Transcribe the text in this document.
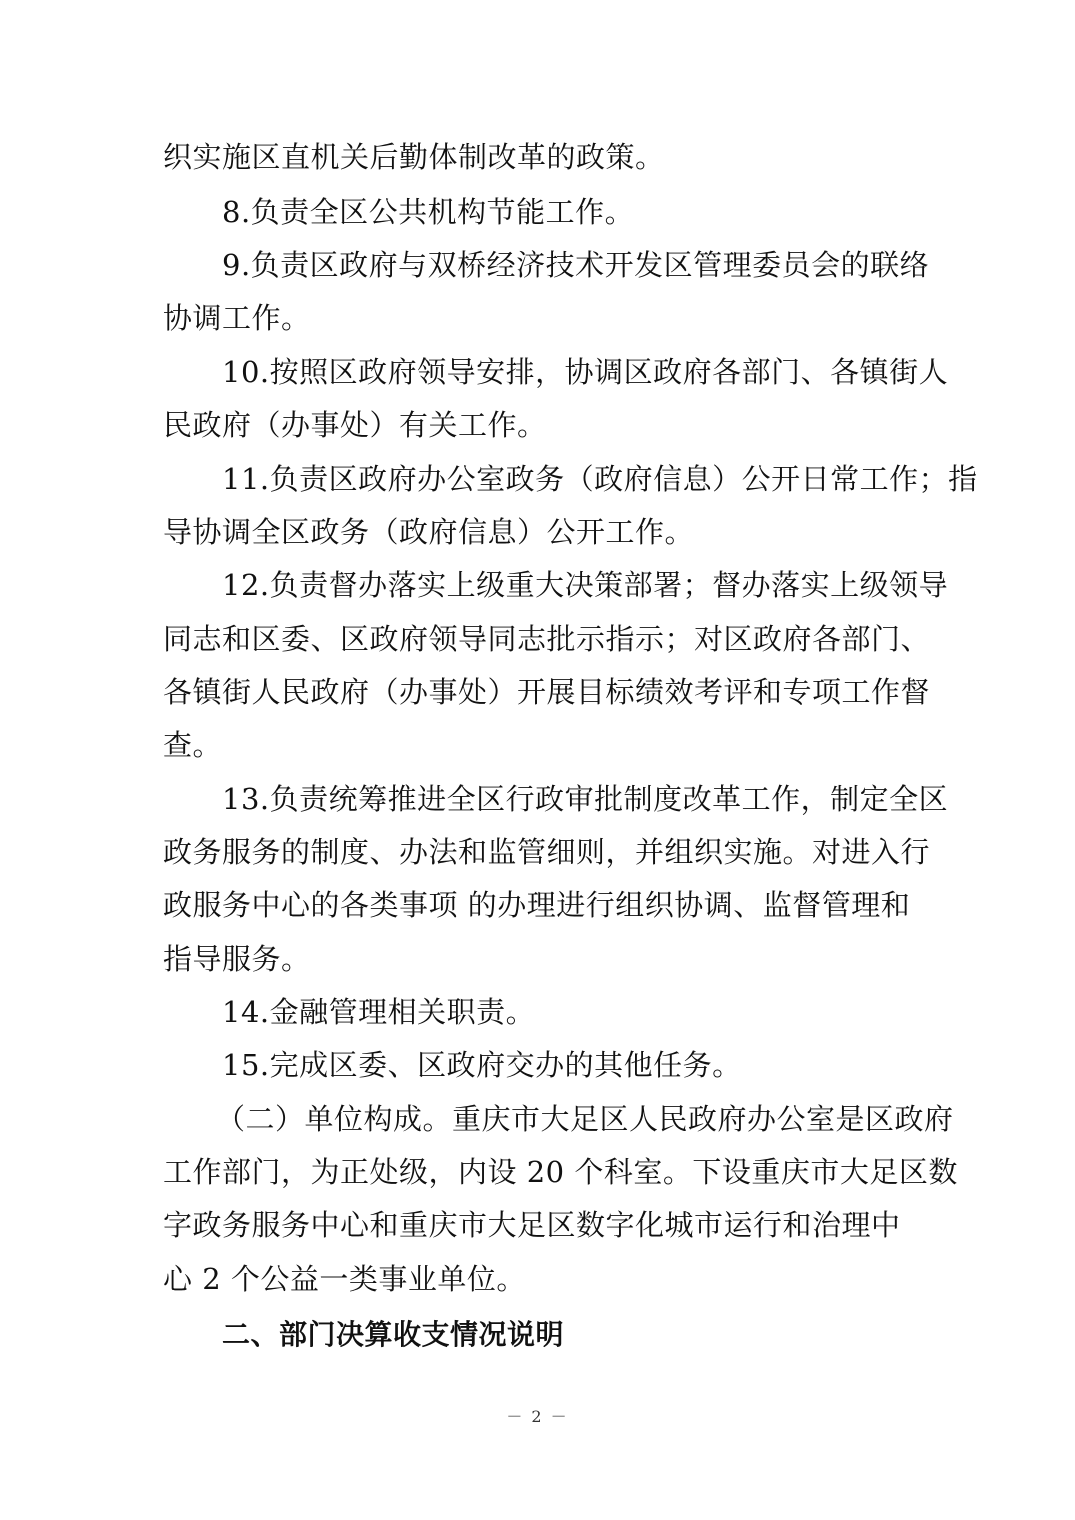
织实施区直机关后勤体制改革的政策。
8.负责全区公共机构节能工作。
9.负责区政府与双桥经济技术开发区管理委员会的联络
协调工作。
10.按照区政府领导安排，协调区政府各部门、各镇街人
民政府（办事处）有关工作。
11.负责区政府办公室政务（政府信息）公开日常工作；指
导协调全区政务（政府信息）公开工作。
12.负责督办落实上级重大决策部署；督办落实上级领导
同志和区委、区政府领导同志批示指示；对区政府各部门、
各镇街人民政府（办事处）开展目标绩效考评和专项工作督
查。
13.负责统筹推进全区行政审批制度改革工作，制定全区
政务服务的制度、办法和监管细则，并组织实施。对进入行
政服务中心的各类事项 的办理进行组织协调、监督管理和
指导服务。
14.金融管理相关职责。
15.完成区委、区政府交办的其他任务。
（二）单位构成。重庆市大足区人民政府办公室是区政府
工作部门，为正处级，内设 20 个科室。下设重庆市大足区数
字政务服务中心和重庆市大足区数字化城市运行和治理中
心 2 个公益一类事业单位。
二、部门决算收支情况说明
－ 2 －
